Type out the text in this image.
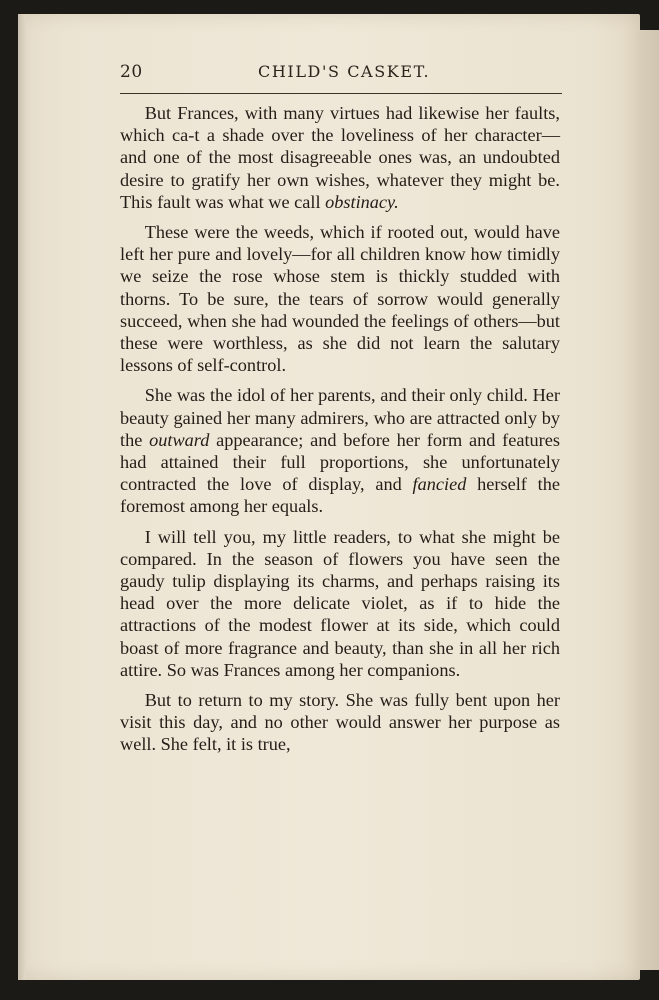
20	CHILD'S CASKET.

But Frances, with many virtues had likewise her faults, which ca-t a shade over the loveliness of her character—and one of the most disagreeable ones was, an undoubted desire to gratify her own wishes, whatever they might be. This fault was what we call obstinacy.

These were the weeds, which if rooted out, would have left her pure and lovely—for all children know how timidly we seize the rose whose stem is thickly studded with thorns. To be sure, the tears of sorrow would generally succeed, when she had wounded the feelings of others—but these were worthless, as she did not learn the salutary lessons of self-control.

She was the idol of her parents, and their only child. Her beauty gained her many admirers, who are attracted only by the outward appearance; and before her form and features had attained their full proportions, she unfortunately contracted the love of display, and fancied herself the foremost among her equals.

I will tell you, my little readers, to what she might be compared. In the season of flowers you have seen the gaudy tulip displaying its charms, and perhaps raising its head over the more delicate violet, as if to hide the attractions of the modest flower at its side, which could boast of more fragrance and beauty, than she in all her rich attire. So was Frances among her companions.

But to return to my story. She was fully bent upon her visit this day, and no other would answer her purpose as well. She felt, it is true,
